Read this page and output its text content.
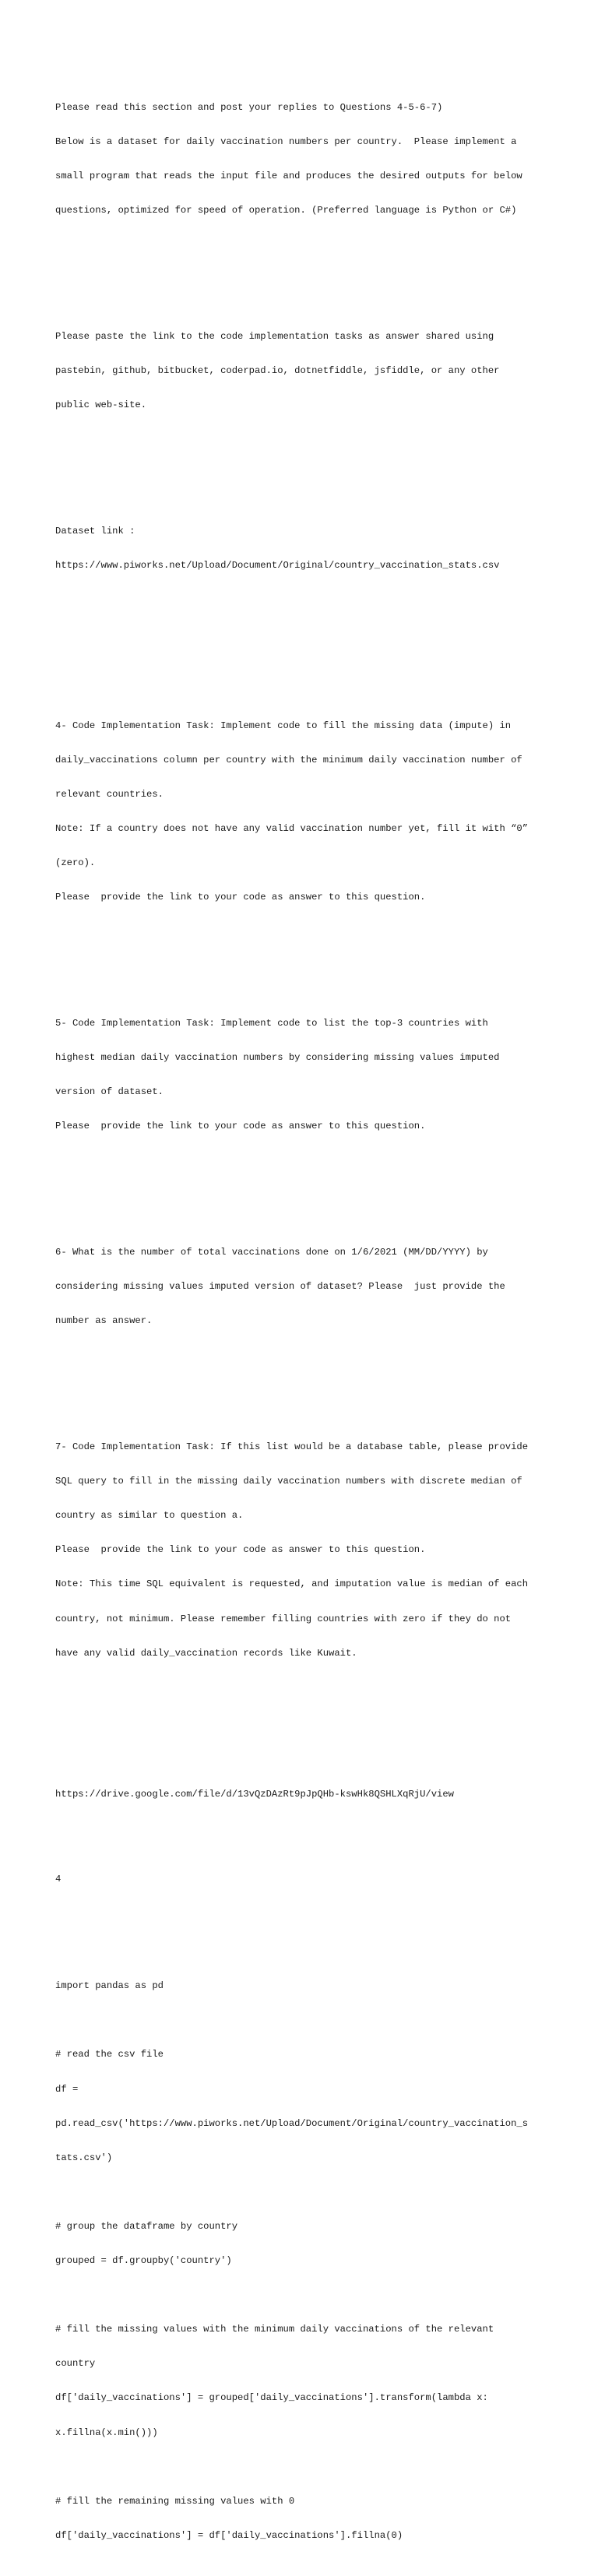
Please read this section and post your replies to Questions 4-5-6-7)

Below is a dataset for daily vaccination numbers per country.  Please implement a

small program that reads the input file and produces the desired outputs for below

questions, optimized for speed of operation. (Preferred language is Python or C#)

Please paste the link to the code implementation tasks as answer shared using

pastebin, github, bitbucket, coderpad.io, dotnetfiddle, jsfiddle, or any other

public web-site.

Dataset link :

https://www.piworks.net/Upload/Document/Original/country_vaccination_stats.csv

4- Code Implementation Task: Implement code to fill the missing data (impute) in

daily_vaccinations column per country with the minimum daily vaccination number of

relevant countries.

Note: If a country does not have any valid vaccination number yet, fill it with “0”

(zero).

Please  provide the link to your code as answer to this question.

5- Code Implementation Task: Implement code to list the top-3 countries with

highest median daily vaccination numbers by considering missing values imputed

version of dataset.

Please  provide the link to your code as answer to this question.

6- What is the number of total vaccinations done on 1/6/2021 (MM/DD/YYYY) by

considering missing values imputed version of dataset? Please  just provide the

number as answer.

7- Code Implementation Task: If this list would be a database table, please provide

SQL query to fill in the missing daily vaccination numbers with discrete median of

country as similar to question a.

Please  provide the link to your code as answer to this question.

Note: This time SQL equivalent is requested, and imputation value is median of each

country, not minimum. Please remember filling countries with zero if they do not

have any valid daily_vaccination records like Kuwait.

https://drive.google.com/file/d/13vQzDAzRt9pJpQHb-kswHk8QSHLXqRjU/view

4

import pandas as pd

# read the csv file

df =

pd.read_csv('https://www.piworks.net/Upload/Document/Original/country_vaccination_s

tats.csv')

# group the dataframe by country

grouped = df.groupby('country')

# fill the missing values with the minimum daily vaccinations of the relevant

country

df['daily_vaccinations'] = grouped['daily_vaccinations'].transform(lambda x:

x.fillna(x.min()))

# fill the remaining missing values with 0

df['daily_vaccinations'] = df['daily_vaccinations'].fillna(0)
